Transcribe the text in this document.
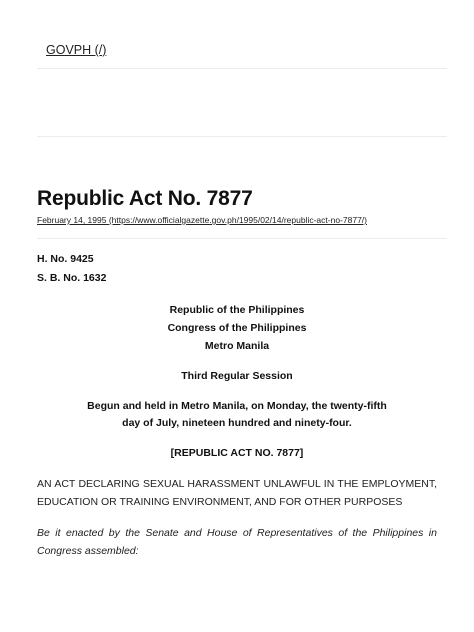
GOVPH (/)
Republic Act No. 7877
February 14, 1995 (https://www.officialgazette.gov.ph/1995/02/14/republic-act-no-7877/)
H. No. 9425
S. B. No. 1632
Republic of the Philippines
Congress of the Philippines
Metro Manila
Third Regular Session
Begun and held in Metro Manila, on Monday, the twenty-fifth
day of July, nineteen hundred and ninety-four.
[REPUBLIC ACT NO. 7877]

AN ACT DECLARING SEXUAL HARASSMENT UNLAWFUL IN THE EMPLOYMENT, EDUCATION OR TRAINING ENVIRONMENT, AND FOR OTHER PURPOSES

Be it enacted by the Senate and House of Representatives of the Philippines in Congress assembled:
